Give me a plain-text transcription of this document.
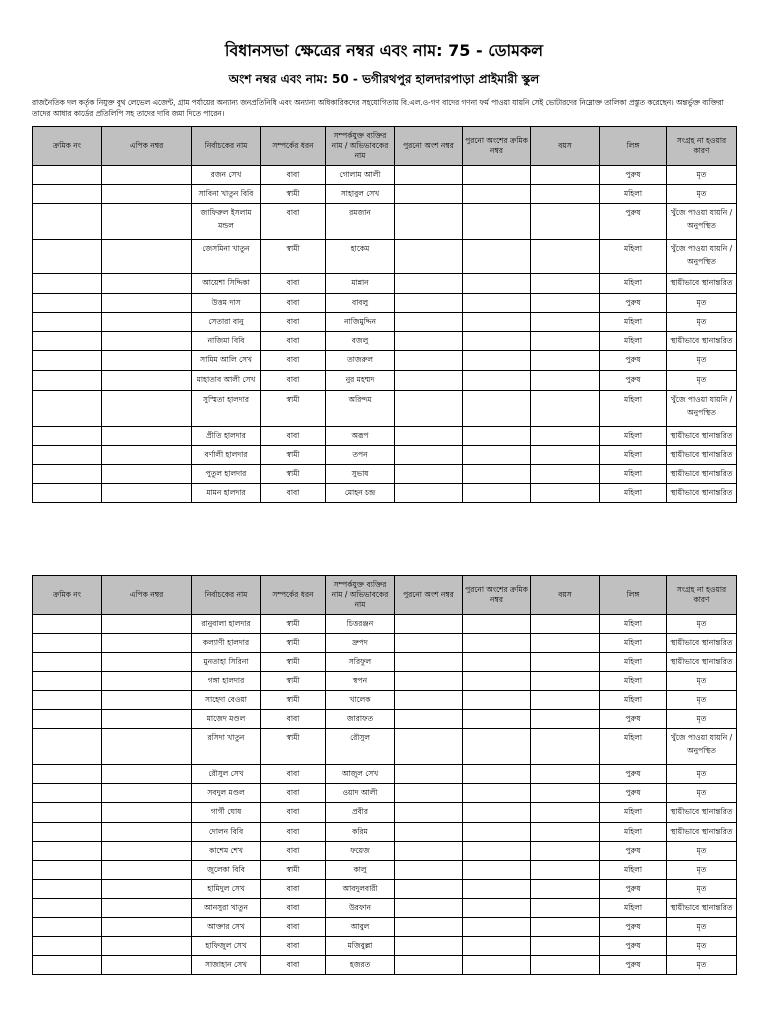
বিধানসভা ক্ষেত্রের নম্বর এবং নাম: 75 - ডোমকল
অংশ নম্বর এবং নাম: 50 - ভগীরথপুর হালদারপাড়া প্রাইমারী স্কুল
রাজনৈতিক দল কর্তৃক নিযুক্ত বুথ লেভেল এজেন্ট, গ্রাম পর্যায়ের অন্যান্য জনপ্রতিনিধি এবং অন্যান্য অধিকারিকদের সহযোগিতায় বি.এল.ও-গণ বাদের গণনা ফর্ম পাওয়া যায়নি সেই ভোটারদের নিম্নোক্ত তালিকা প্রস্তুত করেছেন। অন্তর্ভুক্ত ব্যক্তিরা তাদের আধার কার্ডের প্রতিলিপি সহ তাদের দাবি জমা দিতে পারেন।
ক্রমিক নং	এপিক নম্বর	নির্বাচকের নাম	সম্পর্কের ধরন	সম্পর্কযুক্ত ব্যক্তির নাম / অভিভাবকের নাম	পুরনো অংশ নম্বর	পুরনো অংশের ক্রমিক নম্বর	বয়স	লিঙ্গ	সংগ্রহ না হওয়ার কারণ
		রজন সেখ	বাবা	গোলাম আলী				পুরুষ	মৃত
		সাবিনা খাতুন বিবি	স্বামী	সাহাবুল সেখ				মহিলা	মৃত
		জাফিরুল ইসলাম মন্ডল	বাবা	রমজান				পুরুষ	খুঁজে পাওয়া যায়নি / অনুপস্থিত
		জেসমিনা খাতুন	স্বামী	হাকেম				মহিলা	খুঁজে পাওয়া যায়নি / অনুপস্থিত
		আয়েশা সিদ্দিকা	বাবা	মান্নান				মহিলা	স্থায়ীভাবে স্থানান্তরিত
		উত্তম দাস	বাবা	বাবলু				পুরুষ	মৃত
		সেতারা বানু	বাবা	নাজিমুদ্দিন				মহিলা	মৃত
		নাজিমা বিবি	বাবা	বজলু				মহিলা	স্থায়ীভাবে স্থানান্তরিত
		সামিম আলি সেখ	বাবা	তাজরুল				পুরুষ	মৃত
		মাহাতাব আলী সেখ	বাবা	নুর মহম্মদ				পুরুষ	মৃত
		সুস্মিতা হালদার	স্বামী	অরিন্দম				মহিলা	খুঁজে পাওয়া যায়নি / অনুপস্থিত
		প্রীতি হালদার	বাবা	অরূপ				মহিলা	স্থায়ীভাবে স্থানান্তরিত
		বর্ণালী হালদার	স্বামী	তপন				মহিলা	স্থায়ীভাবে স্থানান্তরিত
		পুতুল হালদার	স্বামী	সুভাষ				মহিলা	স্থায়ীভাবে স্থানান্তরিত
		মামন হালদার	বাবা	মোহন চন্দ্র				মহিলা	স্থায়ীভাবে স্থানান্তরিত
ক্রমিক নং	এপিক নম্বর	নির্বাচকের নাম	সম্পর্কের ধরন	সম্পর্কযুক্ত ব্যক্তির নাম / অভিভাবকের নাম	পুরনো অংশ নম্বর	পুরনো অংশের ক্রমিক নম্বর	বয়স	লিঙ্গ	সংগ্রহ না হওয়ার কারণ
		রানুবালা হালদার	স্বামী	চিত্তরঞ্জন				মহিলা	মৃত
		কল্যাণী হালদার	স্বামী	দ্রুপদ				মহিলা	স্থায়ীভাবে স্থানান্তরিত
		মুনতাহা সিরিনা	স্বামী	সরিফুল				মহিলা	স্থায়ীভাবে স্থানান্তরিত
		গঙ্গা হালদার	স্বামী	স্বপন				মহিলা	মৃত
		সাহেদা বেওয়া	স্বামী	খালেক				মহিলা	মৃত
		মাজেদ মণ্ডল	বাবা	জারাফত				পুরুষ	মৃত
		রসিদা খাতুন	স্বামী	রৌসুল				মহিলা	খুঁজে পাওয়া যায়নি / অনুপস্থিত
		রৌসুল সেখ	বাবা	আজুল সেখ				পুরুষ	মৃত
		সবদুল মণ্ডল	বাবা	ওয়াদ আলী				পুরুষ	মৃত
		গার্গী ঘোষ	বাবা	প্রবীর				মহিলা	স্থায়ীভাবে স্থানান্তরিত
		দোলন বিবি	বাবা	করিম				মহিলা	স্থায়ীভাবে স্থানান্তরিত
		কাশেম শেখ	বাবা	ফয়েজ				পুরুষ	মৃত
		জুলেকা বিবি	স্বামী	কালু				মহিলা	মৃত
		হামিদুল সেখ	বাবা	আবদুলবারী				পুরুষ	মৃত
		আনসুরা খাতুন	বাবা	উরফান				মহিলা	স্থায়ীভাবে স্থানান্তরিত
		আক্তার সেখ	বাবা	আবুল				পুরুষ	মৃত
		হাফিজুল সেখ	বাবা	মজিবুল্লা				পুরুষ	মৃত
		সাজাহান সেখ	বাবা	হজরত				পুরুষ	মৃত
